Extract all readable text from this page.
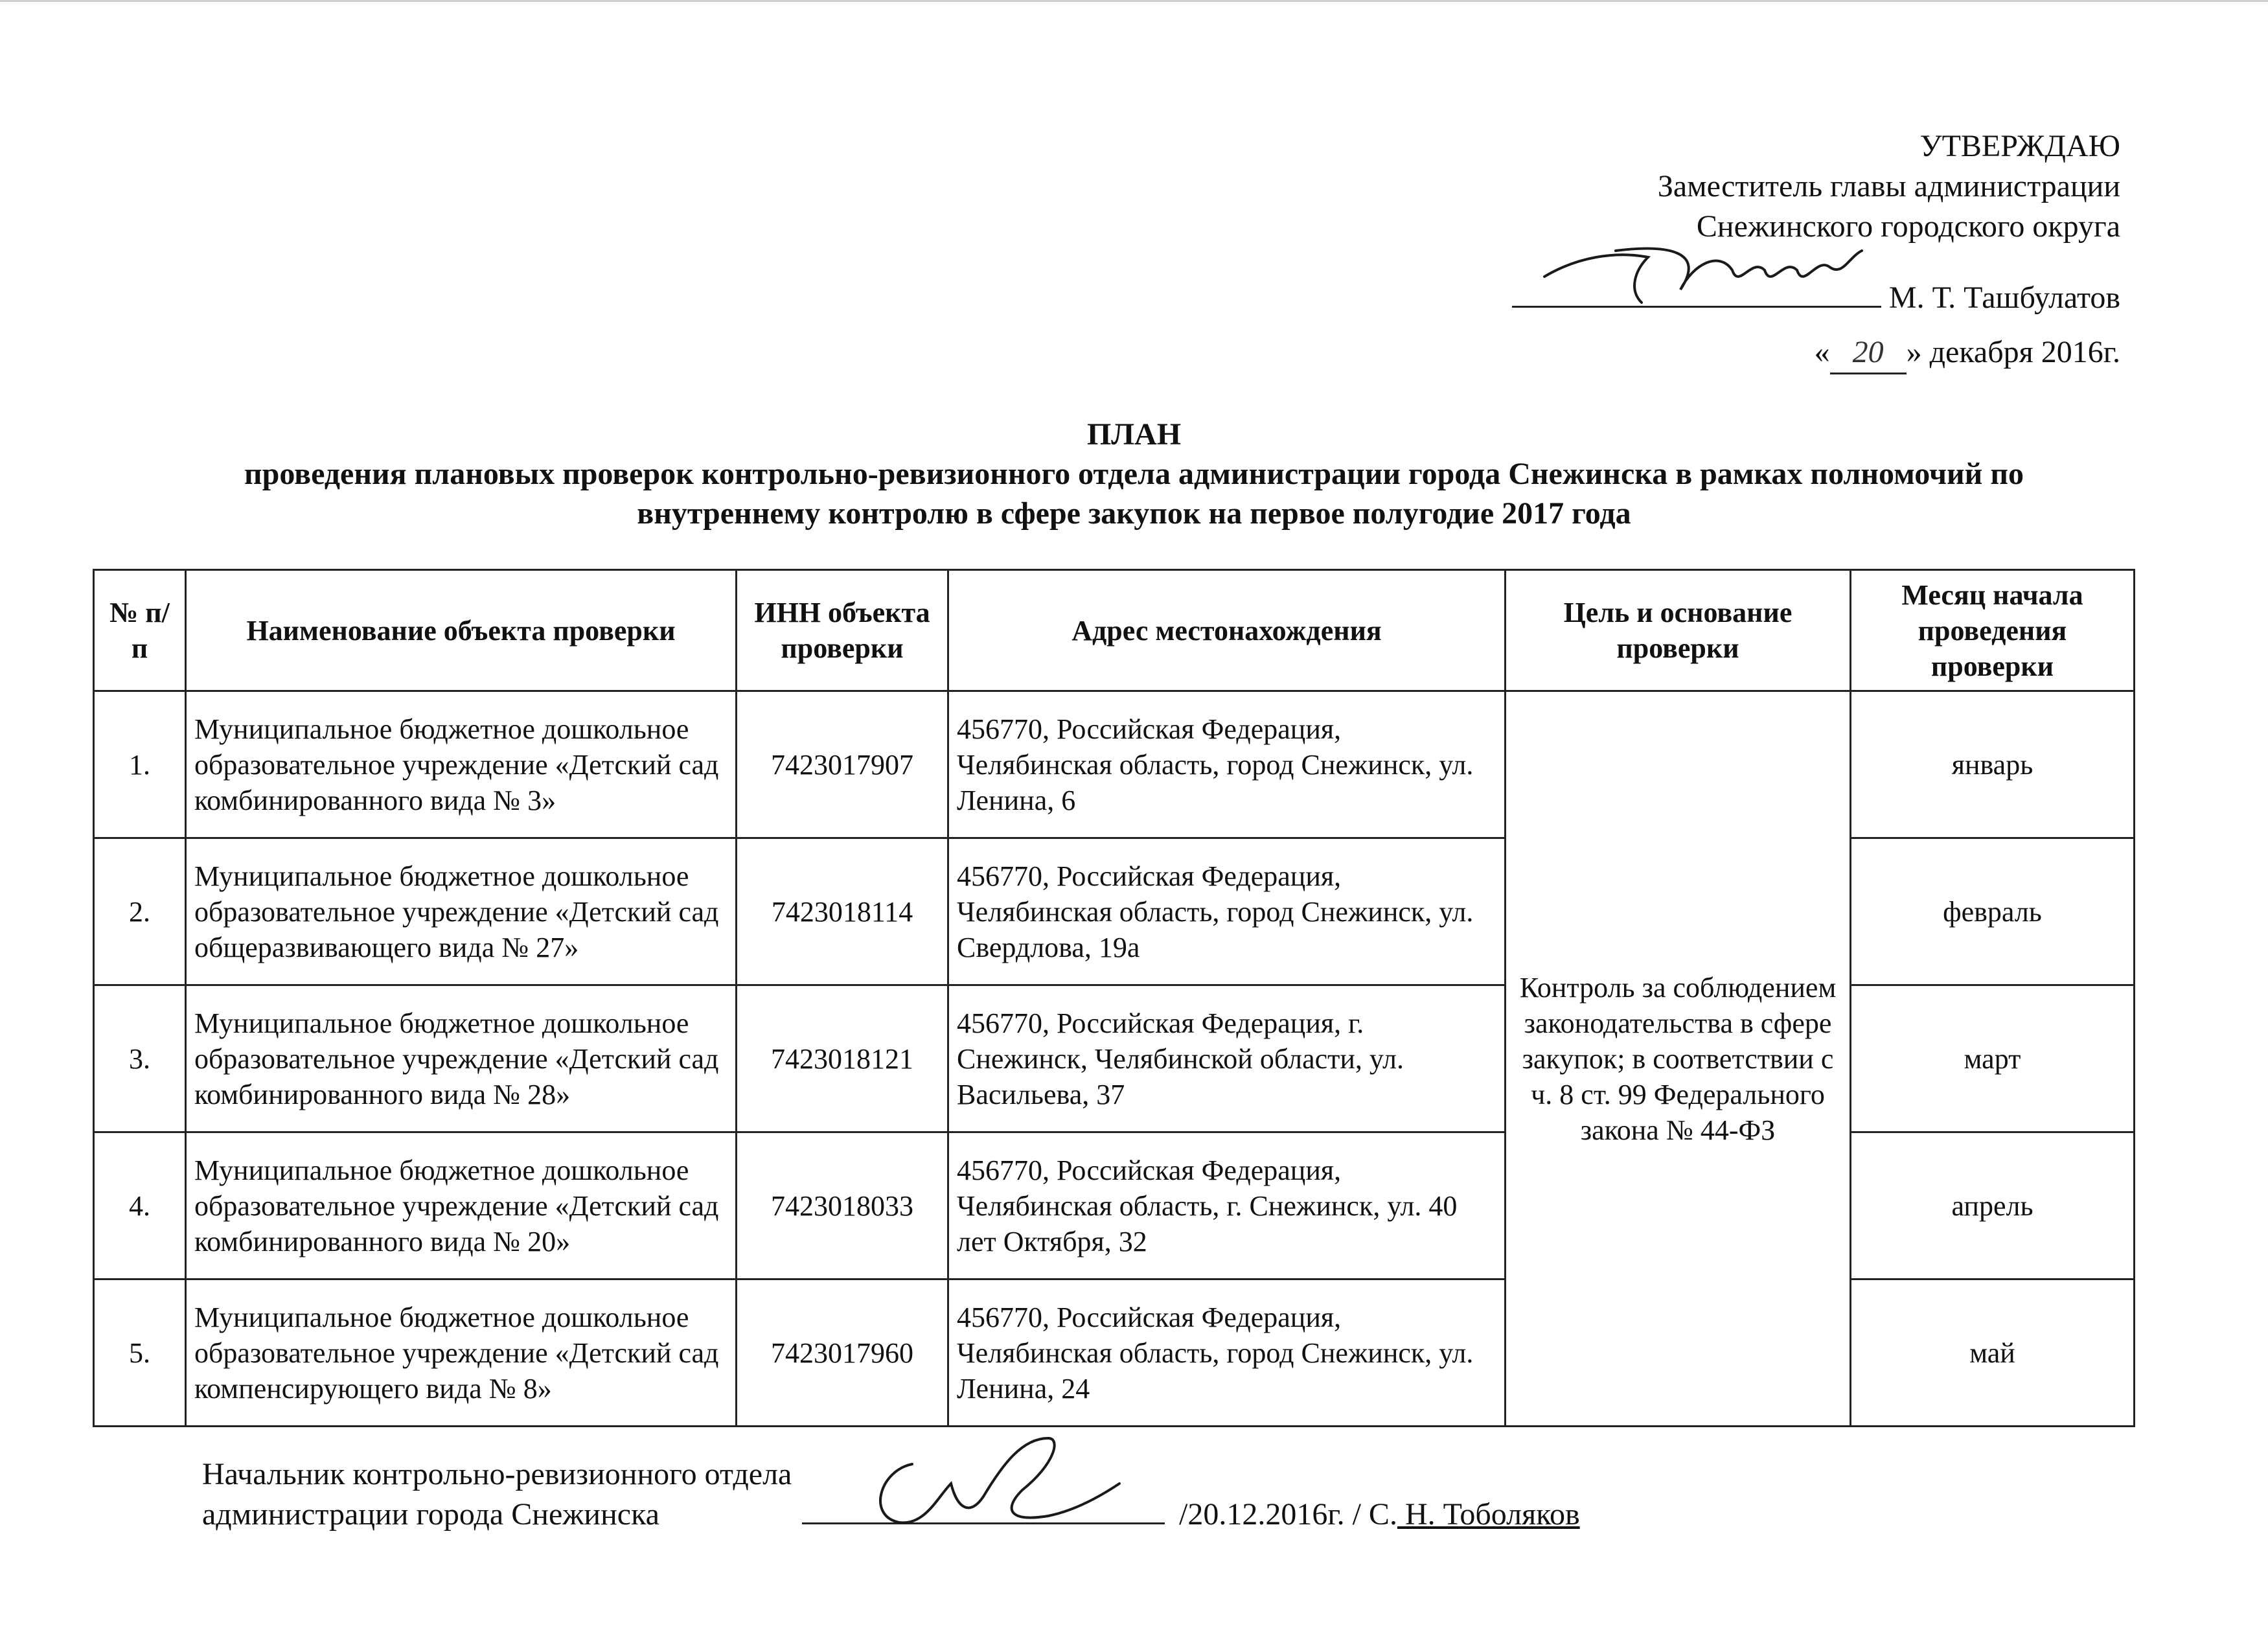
УТВЕРЖДАЮ
Заместитель главы администрации
Снежинского городского округа
М. Т. Ташбулатов
« 20 » декабря 2016г.
ПЛАН
проведения плановых проверок контрольно-ревизионного отдела администрации города Снежинска в рамках полномочий по
внутреннему контролю в сфере закупок на первое полугодие 2017 года
№ п/п	Наименование объекта проверки	ИНН объекта проверки	Адрес местонахождения	Цель и основание проверки	Месяц начала проведения проверки
1.	Муниципальное бюджетное дошкольное образовательное учреждение «Детский сад комбинированного вида № 3»	7423017907	456770, Российская Федерация, Челябинская область, город Снежинск, ул. Ленина, 6	Контроль за соблюдением законодательства в сфере закупок; в соответствии с ч. 8 ст. 99 Федерального закона № 44-ФЗ	январь
2.	Муниципальное бюджетное дошкольное образовательное учреждение «Детский сад общеразвивающего вида № 27»	7423018114	456770, Российская Федерация, Челябинская область, город Снежинск, ул. Свердлова, 19а		февраль
3.	Муниципальное бюджетное дошкольное образовательное учреждение «Детский сад комбинированного вида № 28»	7423018121	456770, Российская Федерация, г. Снежинск, Челябинской области, ул. Васильева, 37		март
4.	Муниципальное бюджетное дошкольное образовательное учреждение «Детский сад комбинированного вида № 20»	7423018033	456770, Российская Федерация, Челябинская область, г. Снежинск, ул. 40 лет Октября, 32		апрель
5.	Муниципальное бюджетное дошкольное образовательное учреждение «Детский сад компенсирующего вида № 8»	7423017960	456770, Российская Федерация, Челябинская область, город Снежинск, ул. Ленина, 24		май
Начальник контрольно-ревизионного отдела
администрации города Снежинска	/20.12.2016г. / С. Н. Тоболяков
